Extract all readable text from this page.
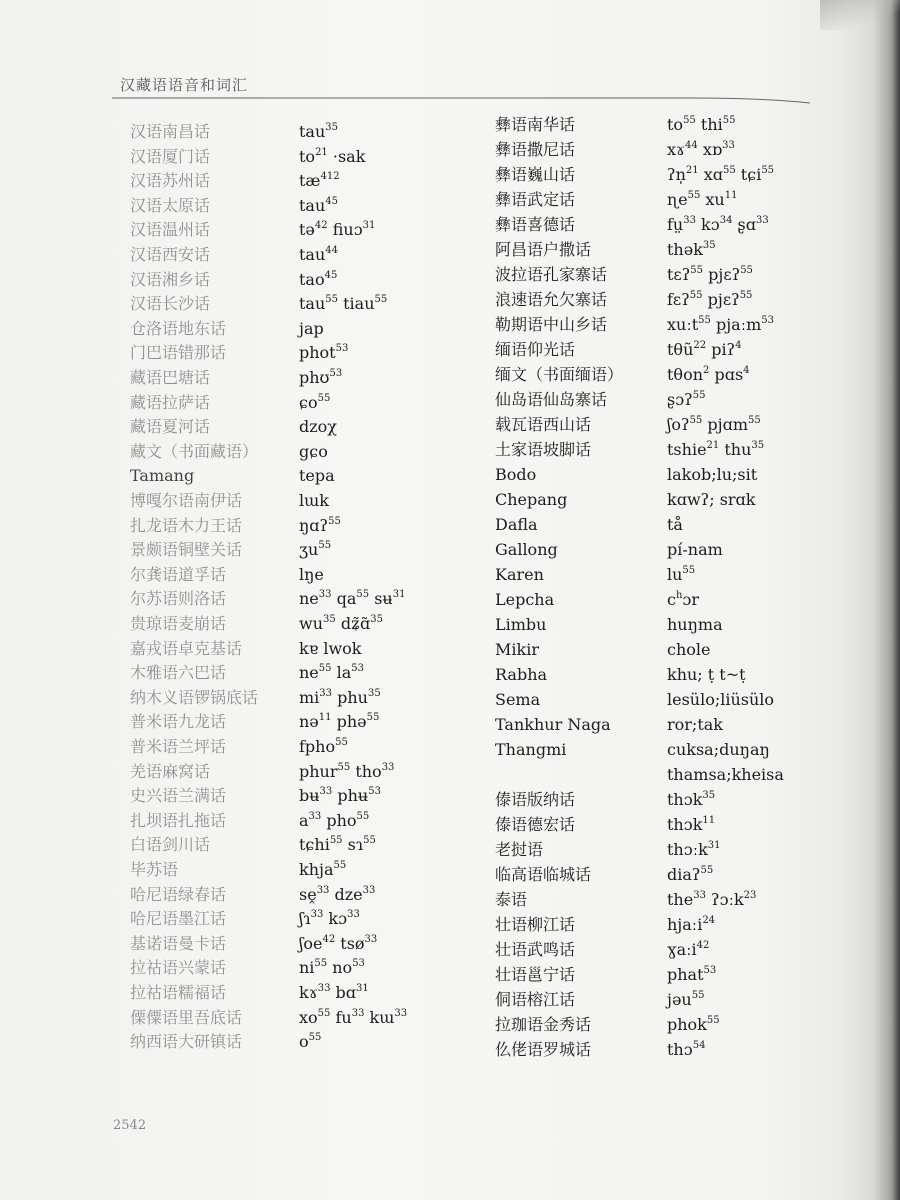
汉藏语语音和词汇
汉语南昌话
汉语厦门话
汉语苏州话
汉语太原话
汉语温州话
汉语西安话
汉语湘乡话
汉语长沙话
仓洛语地东话
门巴语错那话
藏语巴塘话
藏语拉萨话
藏语夏河话
藏文（书面藏语）
Tamang
博嘎尔语南伊话
扎龙语木力王话
景颇语铜壁关话
尔龚语道孚话
尔苏语则洛话
贵琼语麦崩话
嘉戎语卓克基话
木雅语六巴话
纳木义语锣锅底话
普米语九龙话
普米语兰坪话
羌语麻窝话
史兴语兰满话
扎坝语扎拖话
白语剑川话
毕苏语
哈尼语绿春话
哈尼语墨江话
基诺语曼卡话
拉祜语兴蒙话
拉祜语糯福话
傈僳语里吾底话
纳西语大研镇话
tau$^{35}$
$to^{21} \cdot sak$
$tæ^{412}$
tau$^{45}$
tə$^{42}$ fiuɔ$^{31}$
tau$^{44}$
tao$^{45}$
tau$^{55}$ tiau$^{55}$
jap
phot$^{53}$
phʊ$^{53}$
ɕo$^{55}$
dzoχ
gɕo
tepa
lɯk
ŋɑʔ$^{55}$
ʒu$^{55}$
lŋe
$ne^{33}$ $qa^{55}$ sʉ$^{31}$
$wu^{35}$ dʑ̃ɑ̃$^{35}$
kɐ lwok
$ne^{55}$ $la^{53}$
$mi^{33}$ phu$^{35}$
nə$^{11}$ phə$^{55}$
fpho$^{55}$
phur$^{55}$ tho$^{33}$
bʉ$^{33}$ phʉ$^{53}$
$a^{33}$ pho$^{55}$
tɕhi$^{55}$ sɿ$^{55}$
khja$^{55}$
sḙ$^{33}$ dze$^{33}$
ʃɿ$^{33}$ kɔ$^{33}$
ʃoe$^{42}$ tsø$^{33}$
$ni^{55}$ $no^{53}$
kɤ$^{33}$ bɑ$^{31}$
$xo^{55}$ $fu^{33}$ kɯ$^{33}$
$o^{55}$
彝语南华话
彝语撒尼话
彝语巍山话
彝语武定话
彝语喜德话
阿昌语户撒话
波拉语孔家寨话
浪速语允欠寨话
勒期语中山乡话
缅语仰光话
缅文（书面缅语）
仙岛语仙岛寨话
载瓦语西山话
土家语坡脚话
Bodo
Chepang
Dafla
Gallong
Karen
Lepcha
Limbu
Mikir
Rabha
Sema
Tankhur Naga
Thangmi
傣语版纳话
傣语德宏话
老挝语
临高语临城话
泰语
壮语柳江话
壮语武鸣话
壮语邕宁话
侗语榕江话
拉珈语金秀话
仫佬语罗城话
$to^{55}$ thi$^{55}$
xɤ$^{44}$ xɒ$^{33}$
ʔn̩$^{21}$ xɑ$^{55}$ tɕi$^{55}$
ɳe$^{55}$ $xu^{11}$
fṳ$^{33}$ kɔ$^{34}$ ʂɑ$^{33}$
thək$^{35}$
tɛʔ$^{55}$ pjɛʔ$^{55}$
fɛʔ$^{55}$ pjɛʔ$^{55}$
xuːt$^{55}$ pjaːm$^{53}$
tθũ$^{22}$ piʔ$^4$
tθon$^2$ pɑs$^4$
ʂɔʔ$^{55}$
ʃoʔ$^{55}$ pjɑm$^{55}$
tshie$^{21}$ thu$^{35}$
lakob;lu;sit
kɑwʔ; srɑk
tå
pí-nam
$lu^{55}$
$c^hɔr$
huŋma
chole
khu; ṭ t~ṭ
lesülo;liüsülo
ror;tak
cuksa;duŋaŋ
thamsa;kheisa
thɔk$^{35}$
thɔk$^{11}$
thɔːk$^{31}$
diaʔ$^{55}$
the$^{33}$ ʔɔːk$^{23}$
hjaːi$^{24}$
ɣaːi$^{42}$
phat$^{53}$
jəu$^{55}$
phok$^{55}$
thɔ$^{54}$
2542
